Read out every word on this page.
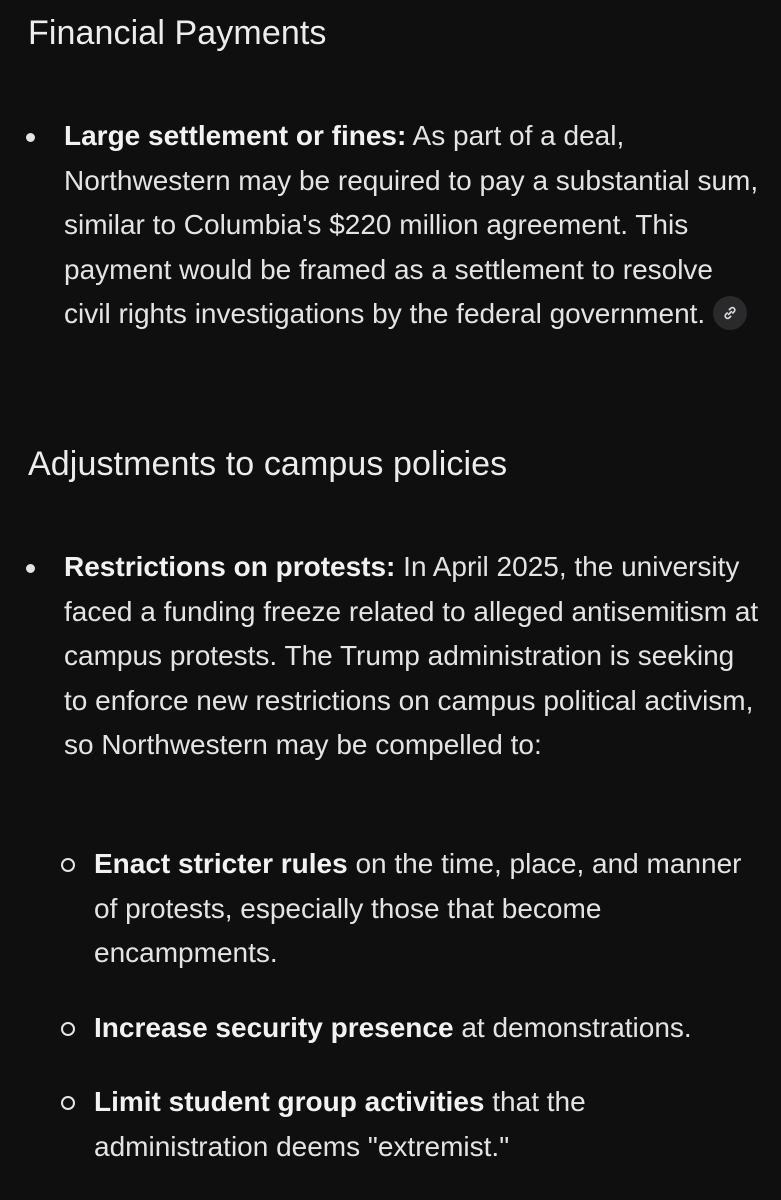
Financial Payments
Large settlement or fines: As part of a deal, Northwestern may be required to pay a substantial sum, similar to Columbia's $220 million agreement. This payment would be framed as a settlement to resolve civil rights investigations by the federal government.
Adjustments to campus policies
Restrictions on protests: In April 2025, the university faced a funding freeze related to alleged antisemitism at campus protests. The Trump administration is seeking to enforce new restrictions on campus political activism, so Northwestern may be compelled to:
Enact stricter rules on the time, place, and manner of protests, especially those that become encampments.
Increase security presence at demonstrations.
Limit student group activities that the administration deems "extremist."
